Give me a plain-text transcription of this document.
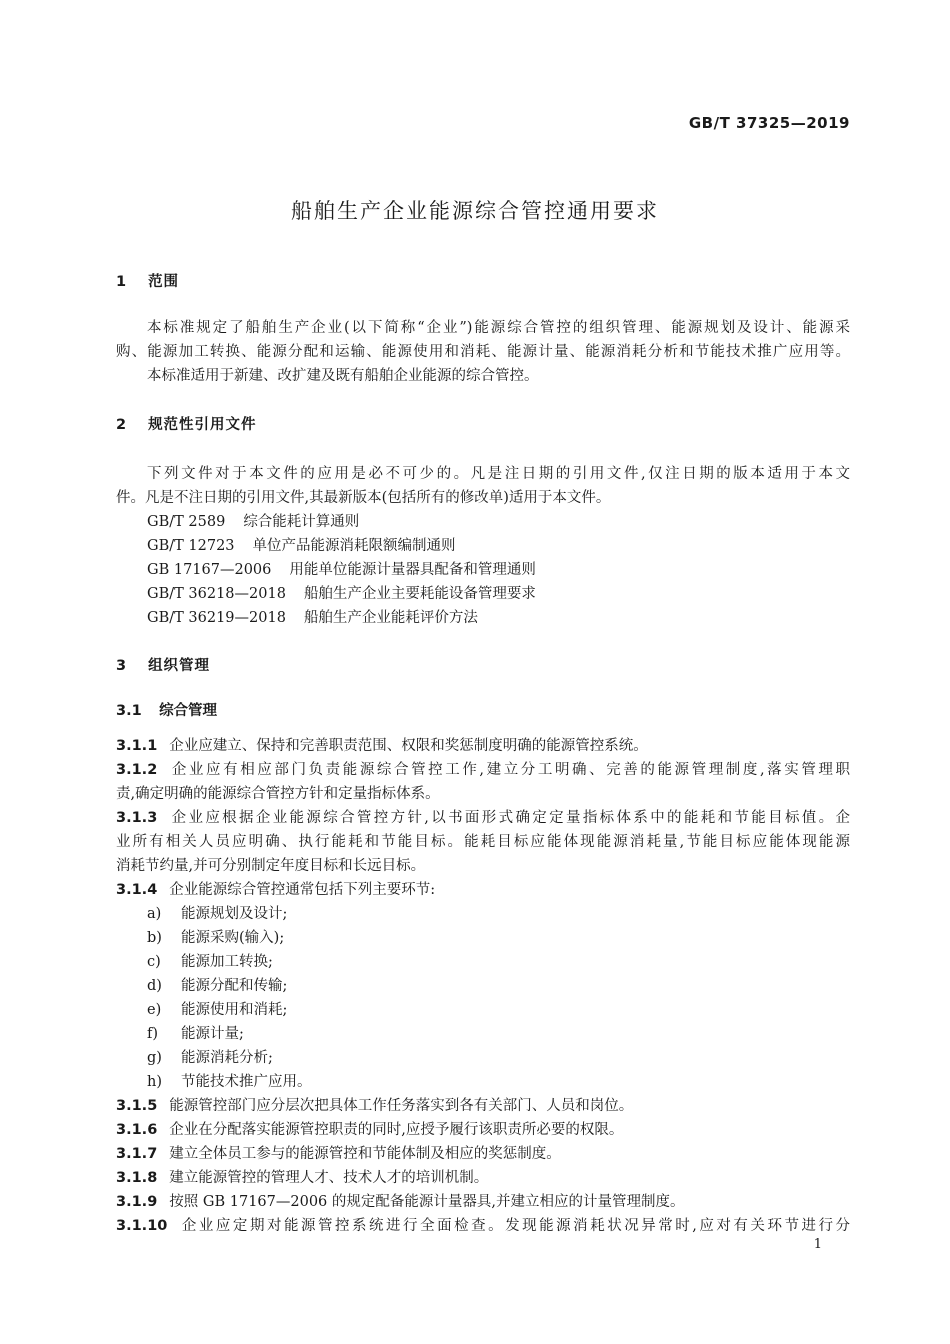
GB/T 37325—2019
船舶生产企业能源综合管控通用要求
1 范围
本标准规定了船舶生产企业(以下简称“企业”)能源综合管控的组织管理、能源规划及设计、能源采
购、能源加工转换、能源分配和运输、能源使用和消耗、能源计量、能源消耗分析和节能技术推广应用等。
本标准适用于新建、改扩建及既有船舶企业能源的综合管控。
2 规范性引用文件
下列文件对于本文件的应用是必不可少的。凡是注日期的引用文件,仅注日期的版本适用于本文
件。凡是不注日期的引用文件,其最新版本(包括所有的修改单)适用于本文件。
GB/T 2589 综合能耗计算通则
GB/T 12723 单位产品能源消耗限额编制通则
GB 17167—2006 用能单位能源计量器具配备和管理通则
GB/T 36218—2018 船舶生产企业主要耗能设备管理要求
GB/T 36219—2018 船舶生产企业能耗评价方法
3 组织管理
3.1 综合管理
3.1.1 企业应建立、保持和完善职责范围、权限和奖惩制度明确的能源管控系统。
3.1.2 企业应有相应部门负责能源综合管控工作,建立分工明确、完善的能源管理制度,落实管理职
责,确定明确的能源综合管控方针和定量指标体系。
3.1.3 企业应根据企业能源综合管控方针,以书面形式确定定量指标体系中的能耗和节能目标值。企
业所有相关人员应明确、执行能耗和节能目标。能耗目标应能体现能源消耗量,节能目标应能体现能源
消耗节约量,并可分别制定年度目标和长远目标。
3.1.4 企业能源综合管控通常包括下列主要环节:
a) 能源规划及设计;
b) 能源采购(输入);
c) 能源加工转换;
d) 能源分配和传输;
e) 能源使用和消耗;
f) 能源计量;
g) 能源消耗分析;
h) 节能技术推广应用。
3.1.5 能源管控部门应分层次把具体工作任务落实到各有关部门、人员和岗位。
3.1.6 企业在分配落实能源管控职责的同时,应授予履行该职责所必要的权限。
3.1.7 建立全体员工参与的能源管控和节能体制及相应的奖惩制度。
3.1.8 建立能源管控的管理人才、技术人才的培训机制。
3.1.9 按照 GB 17167—2006 的规定配备能源计量器具,并建立相应的计量管理制度。
3.1.10 企业应定期对能源管控系统进行全面检查。发现能源消耗状况异常时,应对有关环节进行分
1
